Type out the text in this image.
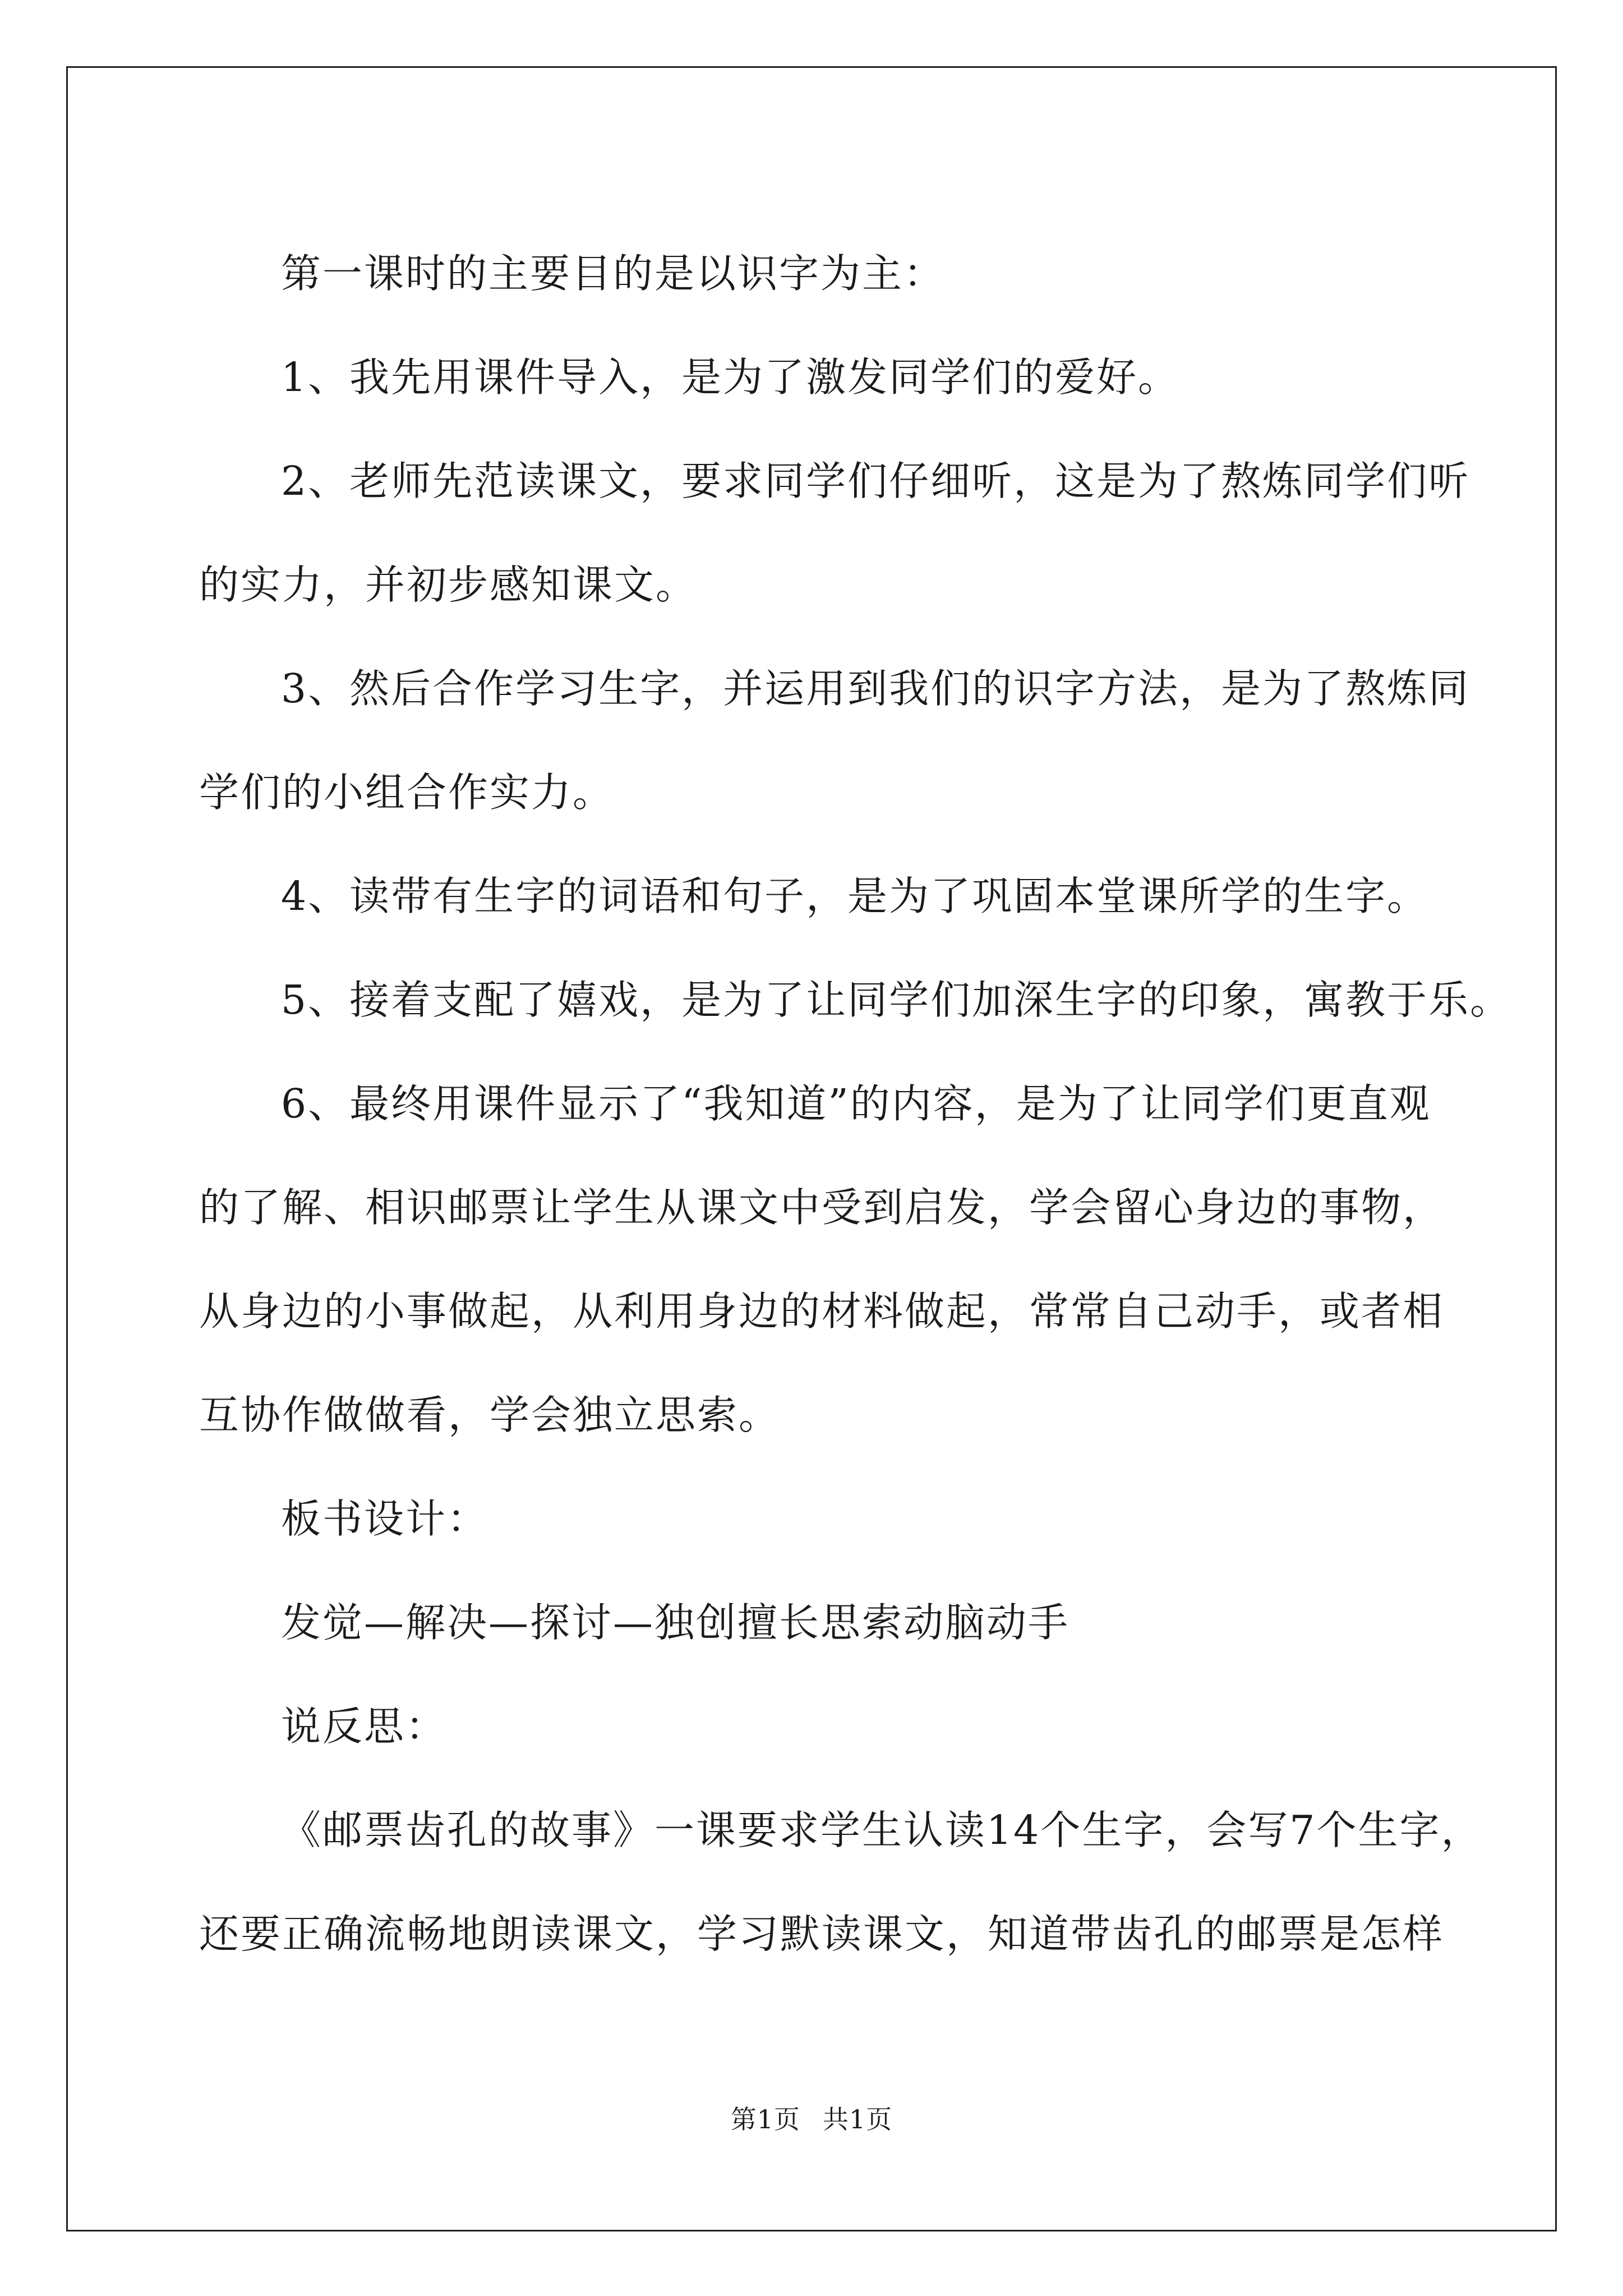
第一课时的主要目的是以识字为主：

1、我先用课件导入，是为了激发同学们的爱好。

2、老师先范读课文，要求同学们仔细听，这是为了熬炼同学们听

的实力，并初步感知课文。

3、然后合作学习生字，并运用到我们的识字方法，是为了熬炼同

学们的小组合作实力。

4、读带有生字的词语和句子，是为了巩固本堂课所学的生字。

5、接着支配了嬉戏，是为了让同学们加深生字的印象，寓教于乐。

6、最终用课件显示了“我知道”的内容，是为了让同学们更直观

的了解、相识邮票让学生从课文中受到启发，学会留心身边的事物，

从身边的小事做起，从利用身边的材料做起，常常自己动手，或者相

互协作做做看，学会独立思索。

板书设计：

发觉—解决—探讨—独创擅长思索动脑动手

说反思：

《邮票齿孔的故事》一课要求学生认读14个生字，会写7个生字，

还要正确流畅地朗读课文，学习默读课文，知道带齿孔的邮票是怎样

第1页 共1页
